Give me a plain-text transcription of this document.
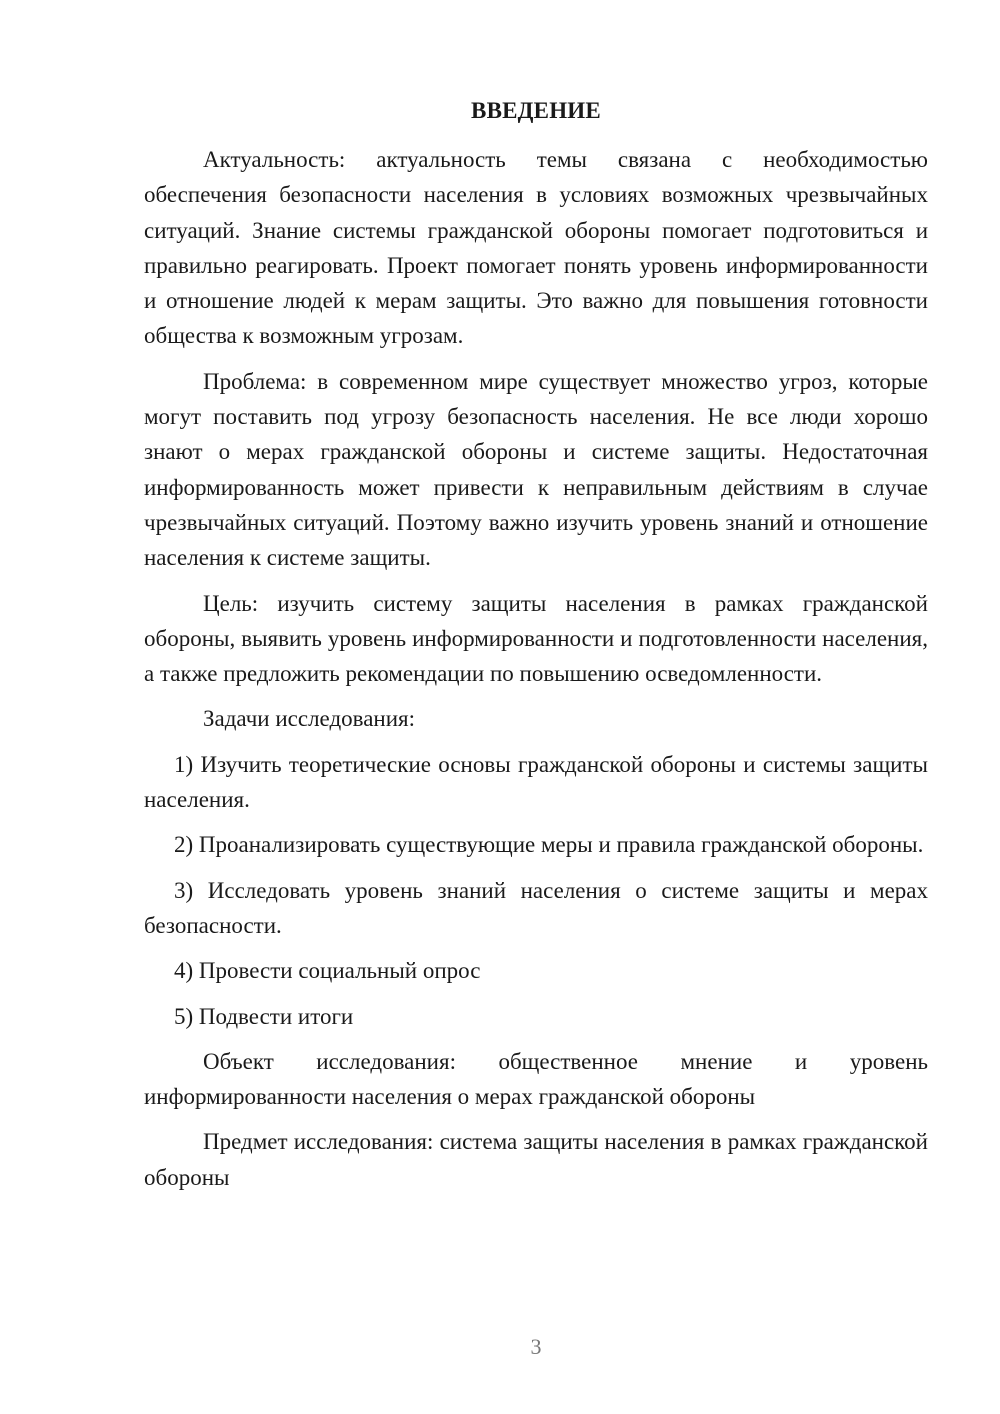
ВВЕДЕНИЕ

Актуальность: актуальность темы связана с необходимостью обеспечения безопасности населения в условиях возможных чрезвычайных ситуаций. Знание системы гражданской обороны помогает подготовиться и правильно реагировать. Проект помогает понять уровень информированности и отношение людей к мерам защиты. Это важно для повышения готовности общества к возможным угрозам.

Проблема: в современном мире существует множество угроз, которые могут поставить под угрозу безопасность населения. Не все люди хорошо знают о мерах гражданской обороны и системе защиты. Недостаточная информированность может привести к неправильным действиям в случае чрезвычайных ситуаций. Поэтому важно изучить уровень знаний и отношение населения к системе защиты.

Цель: изучить систему защиты населения в рамках гражданской обороны, выявить уровень информированности и подготовленности населения, а также предложить рекомендации по повышению осведомленности.

Задачи исследования:

1) Изучить теоретические основы гражданской обороны и системы защиты населения.

2) Проанализировать существующие меры и правила гражданской обороны.

3) Исследовать уровень знаний населения о системе защиты и мерах безопасности.

4) Провести социальный опрос

5) Подвести итоги

Объект исследования: общественное мнение и уровень информированности населения о мерах гражданской обороны

Предмет исследования: система защиты населения в рамках гражданской обороны

3
